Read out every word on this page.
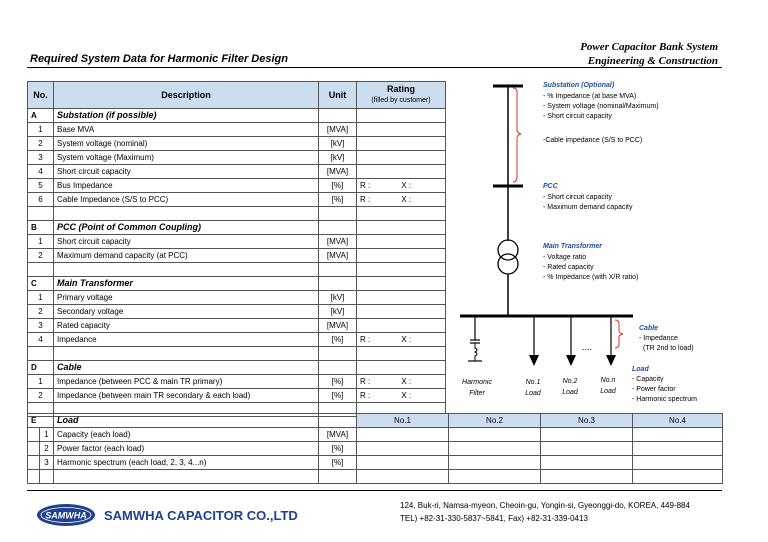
Power Capacitor Bank System
Engineering & Construction
Required System Data for Harmonic Filter Design
No.	Description	Unit	Rating
(filled by customer)

A	Substation (if possible)		
1	Base MVA	[MVA]	
2	System voltage (nominal)	[kV]	
3	System voltage (Maximum)	[kV]	
4	Short circuit capacity	[MVA]	
5	Bus Impedance	[%]	R :              X :
6	Cable Impedance (S/S to PCC)	[%]	R :              X :

B	PCC (Point of Common Coupling)		
1	Short circuit capacity	[MVA]	
2	Maximum demand capacity (at PCC)	[MVA]	

C	Main Transformer		
1	Primary voltage	[kV]	
2	Secondary voltage	[kV]	
3	Rated capacity	[MVA]	
4	Impedance	[%]	R :              X :

D	Cable		
1	Impedance (between PCC & main TR primary)	[%]	R :              X :
2	Impedance (between main TR secondary & each load)	[%]	R :              X :

E		Load		No.1	No.2	No.3	No.4
	1	Capacity (each load)	[MVA]				
	2	Power factor (each load)	[%]				
	3	Harmonic spectrum (each load, 2, 3, 4...n)	[%]				

....
Substation (Optional)
- % Impedance (at base MVA)
- System voltage (nominal/Maximum)
- Short circuit capacity
-Cable impedance (S/S to PCC)
PCC
- Short circuit capacity
- Maximum demand capacity
Main Transformer
- Voltage ratio
- Rated capacity
- % Impedance (with X/R ratio)
Cable
- Impedance
(TR 2nd to load)
Load
- Capacity
- Power factor
- Harmonic spectrum
Harmonic
Filter
No.1
Load
No.2
Load
No.n
Load
SAMWHA SAMWHA CAPACITOR CO.,LTD
124, Buk-ri, Namsa-myeon, Cheoin-gu, Yongin-si, Gyeonggi-do, KOREA, 449-884
TEL) +82-31-330-5837~5841, Fax) +82-31-339-0413
